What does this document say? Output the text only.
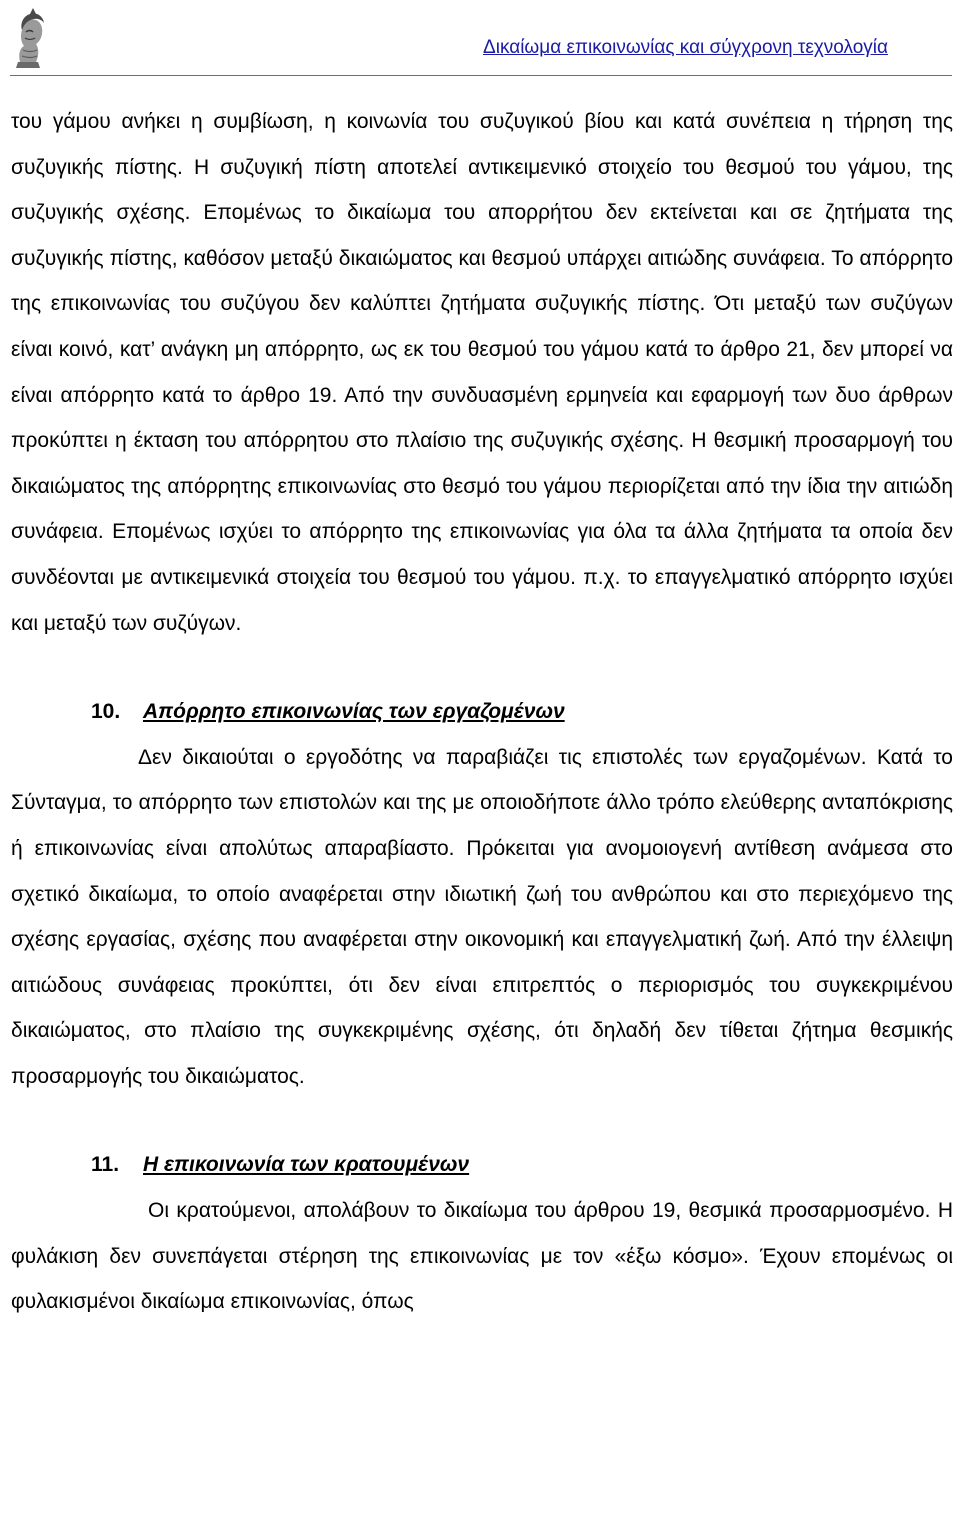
Δικαίωμα επικοινωνίας και σύγχρονη τεχνολογία

του γάμου ανήκει η συμβίωση, η κοινωνία του συζυγικού βίου και κατά συνέπεια η τήρηση της συζυγικής πίστης. Η συζυγική πίστη αποτελεί αντικειμενικό στοιχείο του θεσμού του γάμου, της συζυγικής σχέσης. Επομένως το δικαίωμα του απορρήτου δεν εκτείνεται και σε ζητήματα της συζυγικής πίστης, καθόσον μεταξύ δικαιώματος και θεσμού υπάρχει αιτιώδης συνάφεια. Το απόρρητο της επικοινωνίας του συζύγου δεν καλύπτει ζητήματα συζυγικής πίστης. Ότι μεταξύ των συζύγων είναι κοινό, κατ’ ανάγκη μη απόρρητο, ως εκ του θεσμού του γάμου κατά το άρθρο 21, δεν μπορεί να είναι απόρρητο κατά το άρθρο 19. Από την συνδυασμένη ερμηνεία και εφαρμογή των δυο άρθρων προκύπτει η έκταση του απόρρητου στο πλαίσιο της συζυγικής σχέσης. Η θεσμική προσαρμογή του δικαιώματος της απόρρητης επικοινωνίας στο θεσμό του γάμου περιορίζεται από την ίδια την αιτιώδη συνάφεια. Επομένως ισχύει το απόρρητο της επικοινωνίας για όλα τα άλλα ζητήματα τα οποία δεν συνδέονται με αντικειμενικά στοιχεία του θεσμού του γάμου. π.χ. το επαγγελματικό απόρρητο ισχύει και μεταξύ των συζύγων.

10. Απόρρητο επικοινωνίας των εργαζομένων

Δεν δικαιούται ο εργοδότης να παραβιάζει τις επιστολές των εργαζομένων. Κατά το Σύνταγμα, το απόρρητο των επιστολών και της με οποιοδήποτε άλλο τρόπο ελεύθερης ανταπόκρισης ή επικοινωνίας είναι απολύτως απαραβίαστο. Πρόκειται για ανομοιογενή αντίθεση ανάμεσα στο σχετικό δικαίωμα, το οποίο αναφέρεται στην ιδιωτική ζωή του ανθρώπου και στο περιεχόμενο της σχέσης εργασίας, σχέσης που αναφέρεται στην οικονομική και επαγγελματική ζωή. Από την έλλειψη αιτιώδους συνάφειας προκύπτει, ότι δεν είναι επιτρεπτός ο περιορισμός του συγκεκριμένου δικαιώματος, στο πλαίσιο της συγκεκριμένης σχέσης, ότι δηλαδή δεν τίθεται ζήτημα θεσμικής προσαρμογής του δικαιώματος.

11. Η επικοινωνία των κρατουμένων

Οι κρατούμενοι, απολάβουν το δικαίωμα του άρθρου 19, θεσμικά προσαρμοσμένο. Η φυλάκιση δεν συνεπάγεται στέρηση της επικοινωνίας με τον «έξω κόσμο». Έχουν επομένως οι φυλακισμένοι δικαίωμα επικοινωνίας, όπως
